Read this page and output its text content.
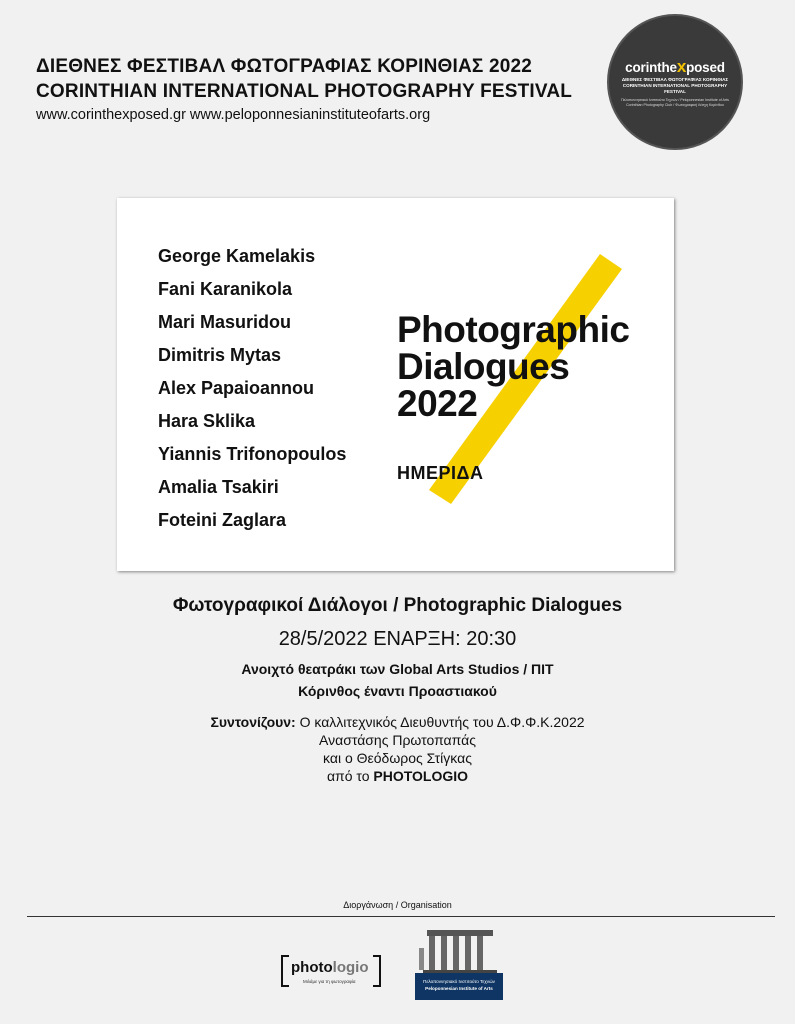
ΔΙΕΘΝΕΣ ΦΕΣΤΙΒΑΛ ΦΩΤΟΓΡΑΦΙΑΣ ΚΟΡΙΝΘΙΑΣ 2022
CORINTHIAN INTERNATIONAL PHOTOGRAPHY FESTIVAL
www.corinthexposed.gr www.peloponnesianinstituteofarts.org
corinthexposed
ΔΙΕΘΝΕΣ ΦΕΣΤΙΒΑΛ ΦΩΤΟΓΡΑΦΙΑΣ ΚΟΡΙΝΘΙΑΣ
CORINTHIAN INTERNATIONAL PHOTOGRAPHY FESTIVAL
Πελοποννησιακό Ινστιτούτο Τεχνών / Peloponnesian Institute of Arts
Corinthian Photography Club / Φωτογραφική Λέσχη Κορίνθου
George Kamelakis
Fani Karanikola
Mari Masuridou
Dimitris Mytas
Alex Papaioannou
Hara Sklika
Yiannis Trifonopoulos
Amalia Tsakiri
Foteini Zaglara
Photographic
Dialogues
2022
ΗΜΕΡΙΔΑ
Φωτογραφικοί Διάλογοι / Photographic Dialogues
28/5/2022 ΕΝΑΡΞΗ: 20:30
Ανοιχτό θεατράκι των Global Arts Studios / ΠΙΤ
Κόρινθος έναντι Προαστιακού
Συντονίζουν: Ο καλλιτεχνικός Διευθυντής του Δ.Φ.Φ.Κ.2022
Αναστάσης Πρωτοπαπάς
και ο Θεόδωρος Στίγκας
από το PHOTOLOGIO
Διοργάνωση / Organisation
photologio
Μιλάμε για τη φωτογραφία	Πελοποννησιακό Ινστιτούτο Τεχνών
Peloponnesian Institute of Arts
